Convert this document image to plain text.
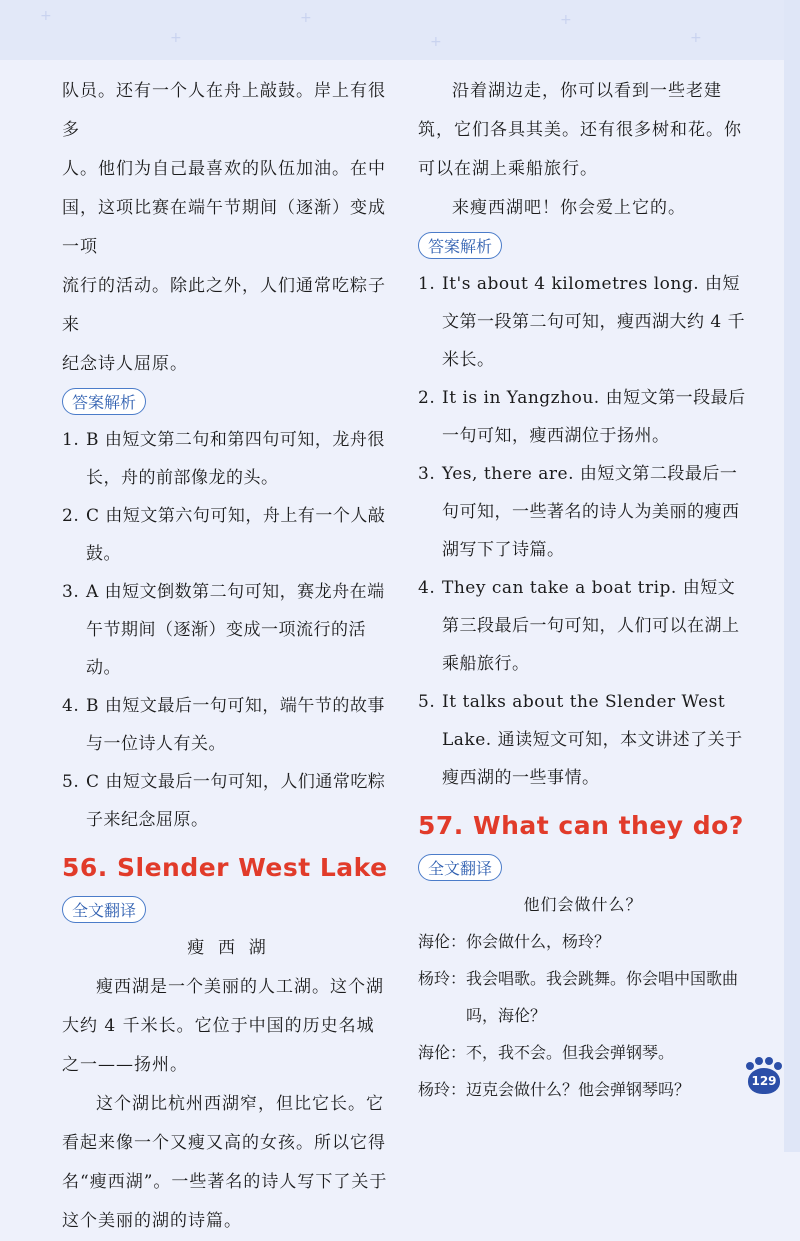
+
+
+
+
+
+

队员。还有一个人在舟上敲鼓。岸上有很多

人。他们为自己最喜欢的队伍加油。在中

国，这项比赛在端午节期间（逐渐）变成一项

流行的活动。除此之外，人们通常吃粽子来

纪念诗人屈原。

答案解析
1. B 由短文第二句和第四句可知，龙舟很长，舟的前部像龙的头。
2. C 由短文第六句可知，舟上有一个人敲鼓。
3. A 由短文倒数第二句可知，赛龙舟在端午节期间（逐渐）变成一项流行的活动。
4. B 由短文最后一句可知，端午节的故事与一位诗人有关。
5. C 由短文最后一句可知，人们通常吃粽子来纪念屈原。
56. Slender West Lake
全文翻译

瘦  西  湖

瘦西湖是一个美丽的人工湖。这个湖大约 4 千米长。它位于中国的历史名城之一——扬州。

这个湖比杭州西湖窄，但比它长。它看起来像一个又瘦又高的女孩。所以它得名“瘦西湖”。一些著名的诗人写下了关于这个美丽的湖的诗篇。

沿着湖边走，你可以看到一些老建筑，它们各具其美。还有很多树和花。你可以在湖上乘船旅行。

来瘦西湖吧！你会爱上它的。

答案解析
1. It's about 4 kilometres long. 由短文第一段第二句可知，瘦西湖大约 4 千米长。
2. It is in Yangzhou. 由短文第一段最后一句可知，瘦西湖位于扬州。
3. Yes, there are. 由短文第二段最后一句可知，一些著名的诗人为美丽的瘦西湖写下了诗篇。
4. They can take a boat trip. 由短文第三段最后一句可知，人们可以在湖上乘船旅行。
5. It talks about the Slender West Lake. 通读短文可知，本文讲述了关于瘦西湖的一些事情。
57. What can they do?
全文翻译

他们会做什么？

海伦： 你会做什么，杨玲？
杨玲： 我会唱歌。我会跳舞。你会唱中国歌曲吗，海伦？
海伦： 不，我不会。但我会弹钢琴。
杨玲： 迈克会做什么？他会弹钢琴吗？	129
